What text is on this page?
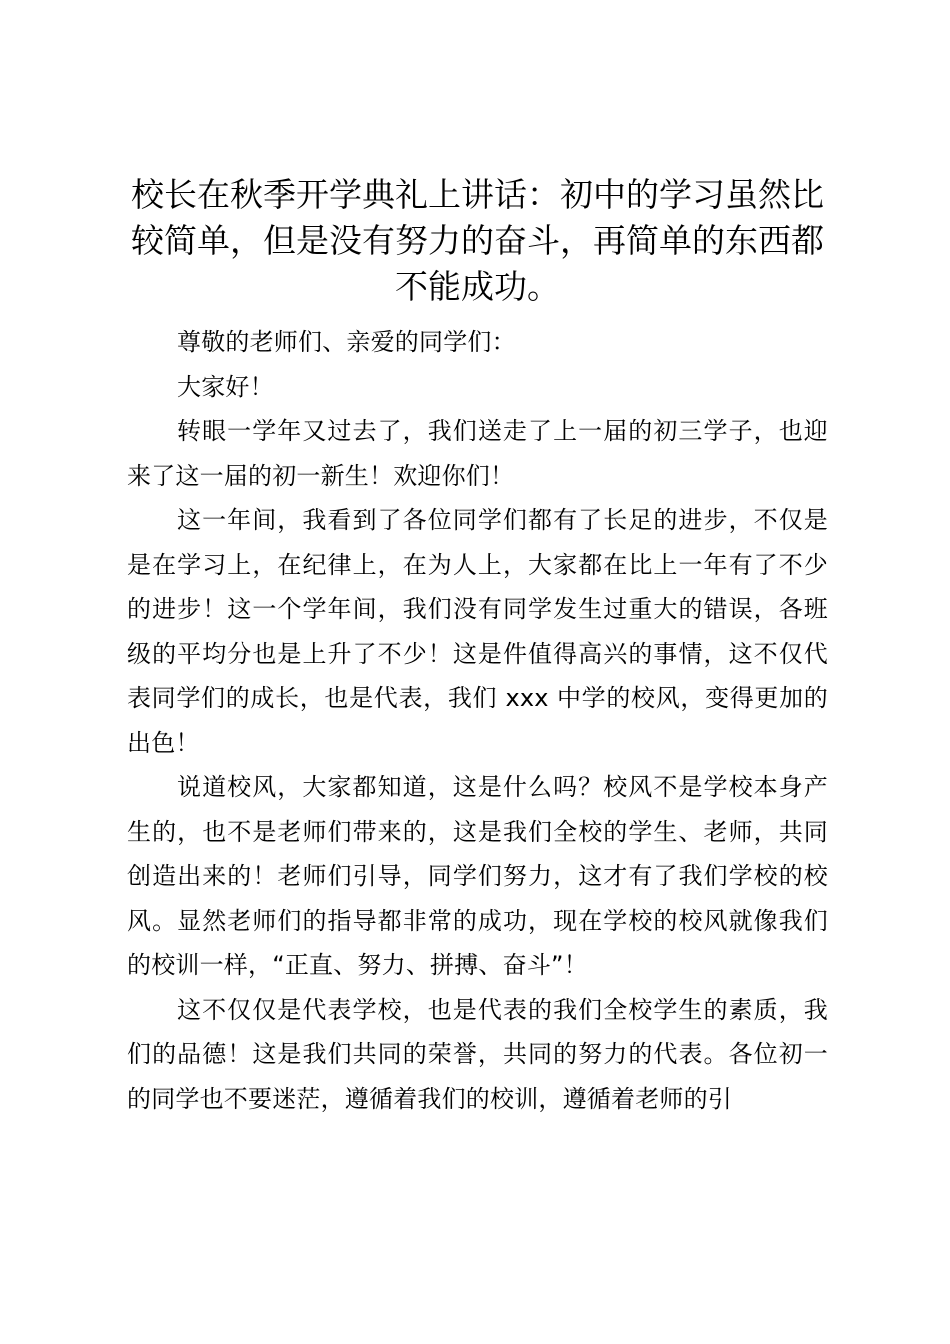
校长在秋季开学典礼上讲话：初中的学习虽然比较简单，但是没有努力的奋斗，再简单的东西都不能成功。

尊敬的老师们、亲爱的同学们：

大家好！

转眼一学年又过去了，我们送走了上一届的初三学子，也迎来了这一届的初一新生！欢迎你们！

这一年间，我看到了各位同学们都有了长足的进步，不仅是是在学习上，在纪律上，在为人上，大家都在比上一年有了不少的进步！这一个学年间，我们没有同学发生过重大的错误，各班级的平均分也是上升了不少！这是件值得高兴的事情，这不仅代表同学们的成长，也是代表，我们 xxx 中学的校风，变得更加的出色！

说道校风，大家都知道，这是什么吗？校风不是学校本身产生的，也不是老师们带来的，这是我们全校的学生、老师，共同创造出来的！老师们引导，同学们努力，这才有了我们学校的校风。显然老师们的指导都非常的成功，现在学校的校风就像我们的校训一样，“正直、努力、拼搏、奋斗”！

这不仅仅是代表学校，也是代表的我们全校学生的素质，我们的品德！这是我们共同的荣誉，共同的努力的代表。各位初一的同学也不要迷茫，遵循着我们的校训，遵循着老师的引
